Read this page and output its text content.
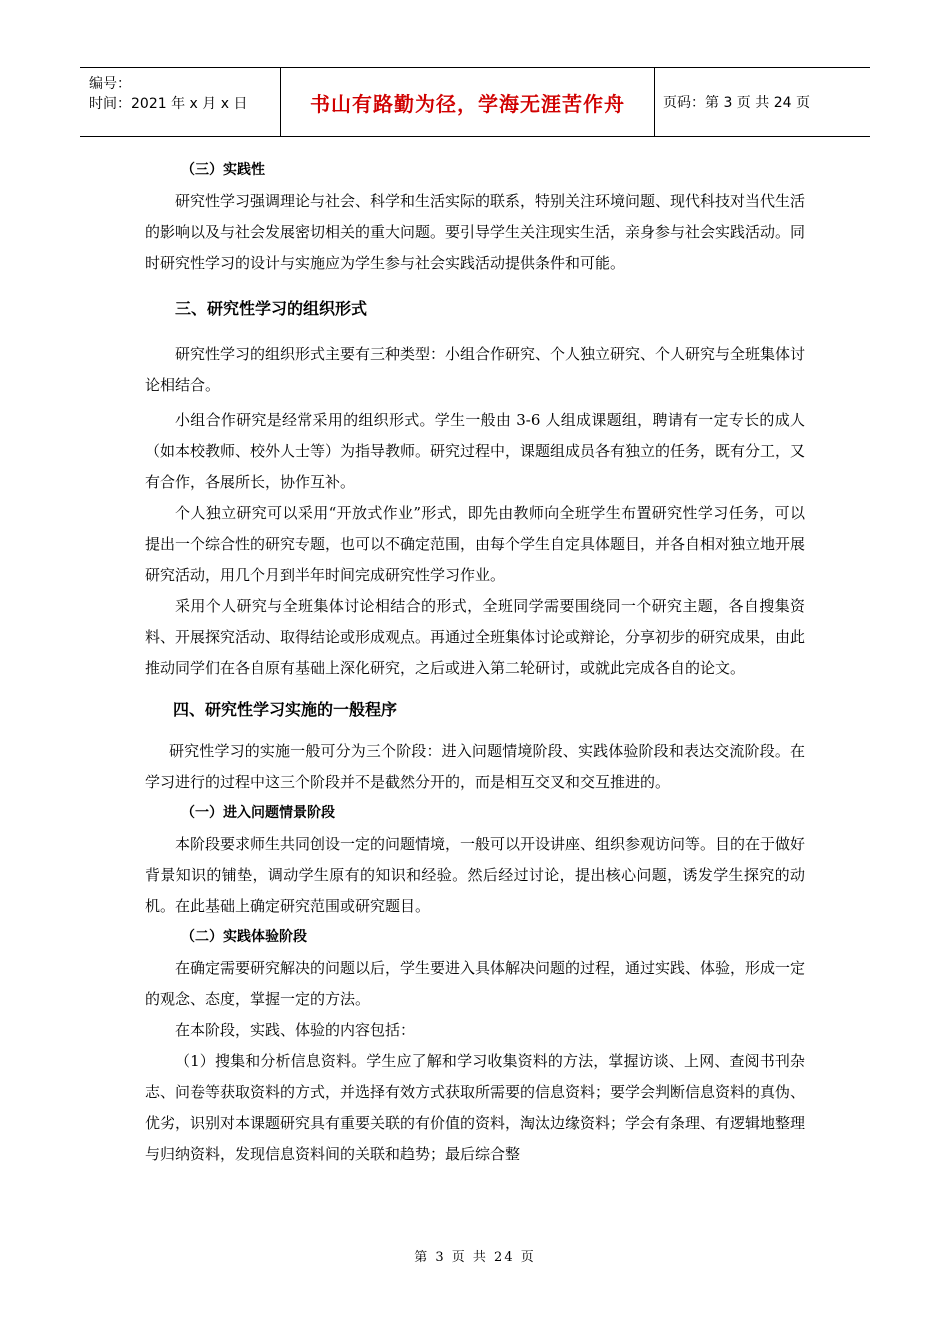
编号：
时间：2021 年 x 月 x 日	书山有路勤为径，学海无涯苦作舟	页码：第 3 页 共 24 页

（三）实践性

研究性学习强调理论与社会、科学和生活实际的联系，特别关注环境问题、现代科技对当代生活的影响以及与社会发展密切相关的重大问题。要引导学生关注现实生活，亲身参与社会实践活动。同时研究性学习的设计与实施应为学生参与社会实践活动提供条件和可能。

三、研究性学习的组织形式

研究性学习的组织形式主要有三种类型：小组合作研究、个人独立研究、个人研究与全班集体讨论相结合。

小组合作研究是经常采用的组织形式。学生一般由 3-6 人组成课题组，聘请有一定专长的成人（如本校教师、校外人士等）为指导教师。研究过程中，课题组成员各有独立的任务，既有分工，又有合作，各展所长，协作互补。

个人独立研究可以采用“开放式作业”形式，即先由教师向全班学生布置研究性学习任务，可以提出一个综合性的研究专题，也可以不确定范围，由每个学生自定具体题目，并各自相对独立地开展研究活动，用几个月到半年时间完成研究性学习作业。

采用个人研究与全班集体讨论相结合的形式，全班同学需要围绕同一个研究主题，各自搜集资料、开展探究活动、取得结论或形成观点。再通过全班集体讨论或辩论，分享初步的研究成果，由此推动同学们在各自原有基础上深化研究，之后或进入第二轮研讨，或就此完成各自的论文。

四、研究性学习实施的一般程序

研究性学习的实施一般可分为三个阶段：进入问题情境阶段、实践体验阶段和表达交流阶段。在学习进行的过程中这三个阶段并不是截然分开的，而是相互交叉和交互推进的。

（一）进入问题情景阶段

本阶段要求师生共同创设一定的问题情境，一般可以开设讲座、组织参观访问等。目的在于做好背景知识的铺垫，调动学生原有的知识和经验。然后经过讨论，提出核心问题，诱发学生探究的动机。在此基础上确定研究范围或研究题目。

（二）实践体验阶段

在确定需要研究解决的问题以后，学生要进入具体解决问题的过程，通过实践、体验，形成一定的观念、态度，掌握一定的方法。

在本阶段，实践、体验的内容包括：

（1）搜集和分析信息资料。学生应了解和学习收集资料的方法，掌握访谈、上网、查阅书刊杂志、问卷等获取资料的方式，并选择有效方式获取所需要的信息资料；要学会判断信息资料的真伪、优劣，识别对本课题研究具有重要关联的有价值的资料，淘汰边缘资料；学会有条理、有逻辑地整理与归纳资料，发现信息资料间的关联和趋势；最后综合整

第 3 页 共 24 页
